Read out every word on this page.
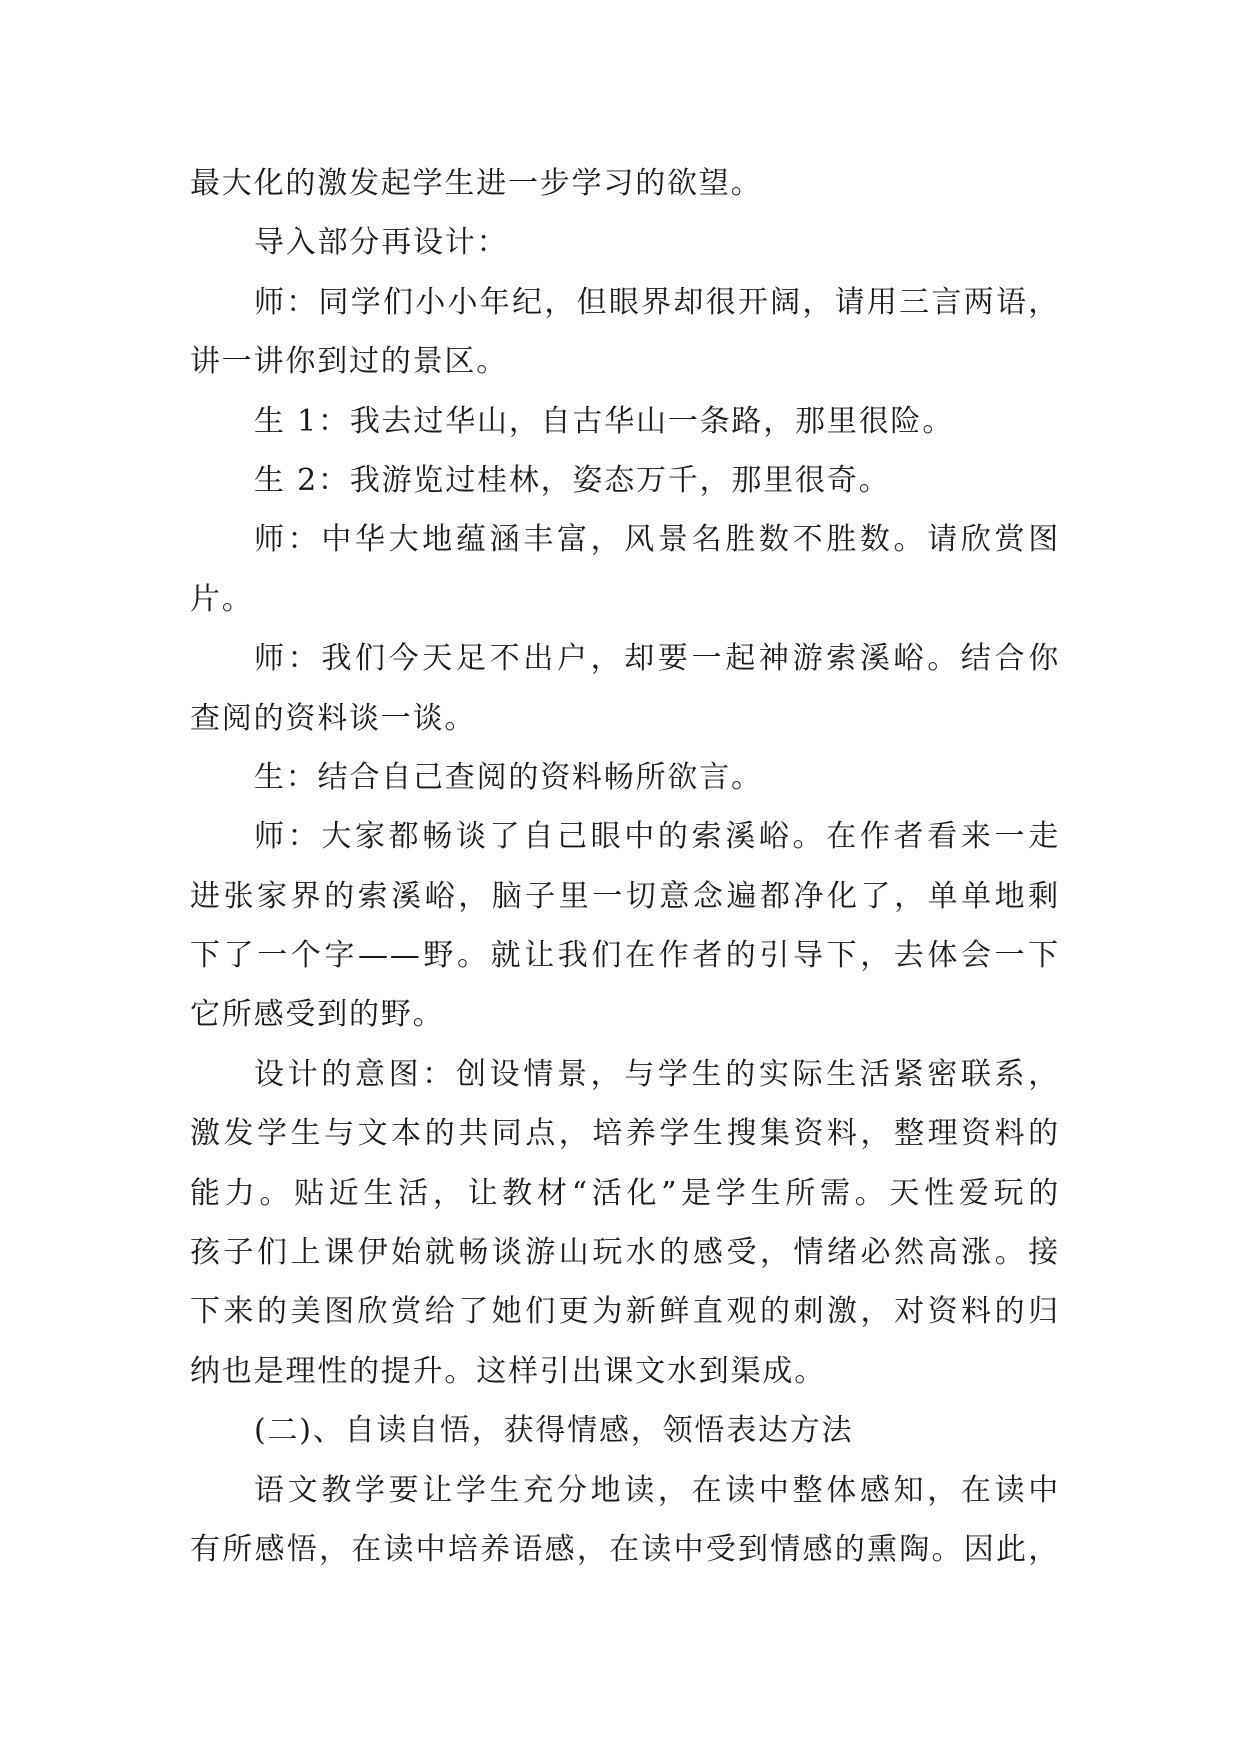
最大化的激发起学生进一步学习的欲望。
导入部分再设计：
师：同学们小小年纪，但眼界却很开阔，请用三言两语，
讲一讲你到过的景区。
生 1：我去过华山，自古华山一条路，那里很险。
生 2：我游览过桂林，姿态万千，那里很奇。
师：中华大地蕴涵丰富，风景名胜数不胜数。请欣赏图
片。
师：我们今天足不出户，却要一起神游索溪峪。结合你
查阅的资料谈一谈。
生：结合自己查阅的资料畅所欲言。
师：大家都畅谈了自己眼中的索溪峪。在作者看来一走
进张家界的索溪峪，脑子里一切意念遍都净化了，单单地剩
下了一个字——野。就让我们在作者的引导下，去体会一下
它所感受到的野。
设计的意图：创设情景，与学生的实际生活紧密联系，
激发学生与文本的共同点，培养学生搜集资料，整理资料的
能力。贴近生活，让教材“活化”是学生所需。天性爱玩的
孩子们上课伊始就畅谈游山玩水的感受，情绪必然高涨。接
下来的美图欣赏给了她们更为新鲜直观的刺激，对资料的归
纳也是理性的提升。这样引出课文水到渠成。
(二)、自读自悟，获得情感，领悟表达方法
语文教学要让学生充分地读，在读中整体感知，在读中
有所感悟，在读中培养语感，在读中受到情感的熏陶。因此，
